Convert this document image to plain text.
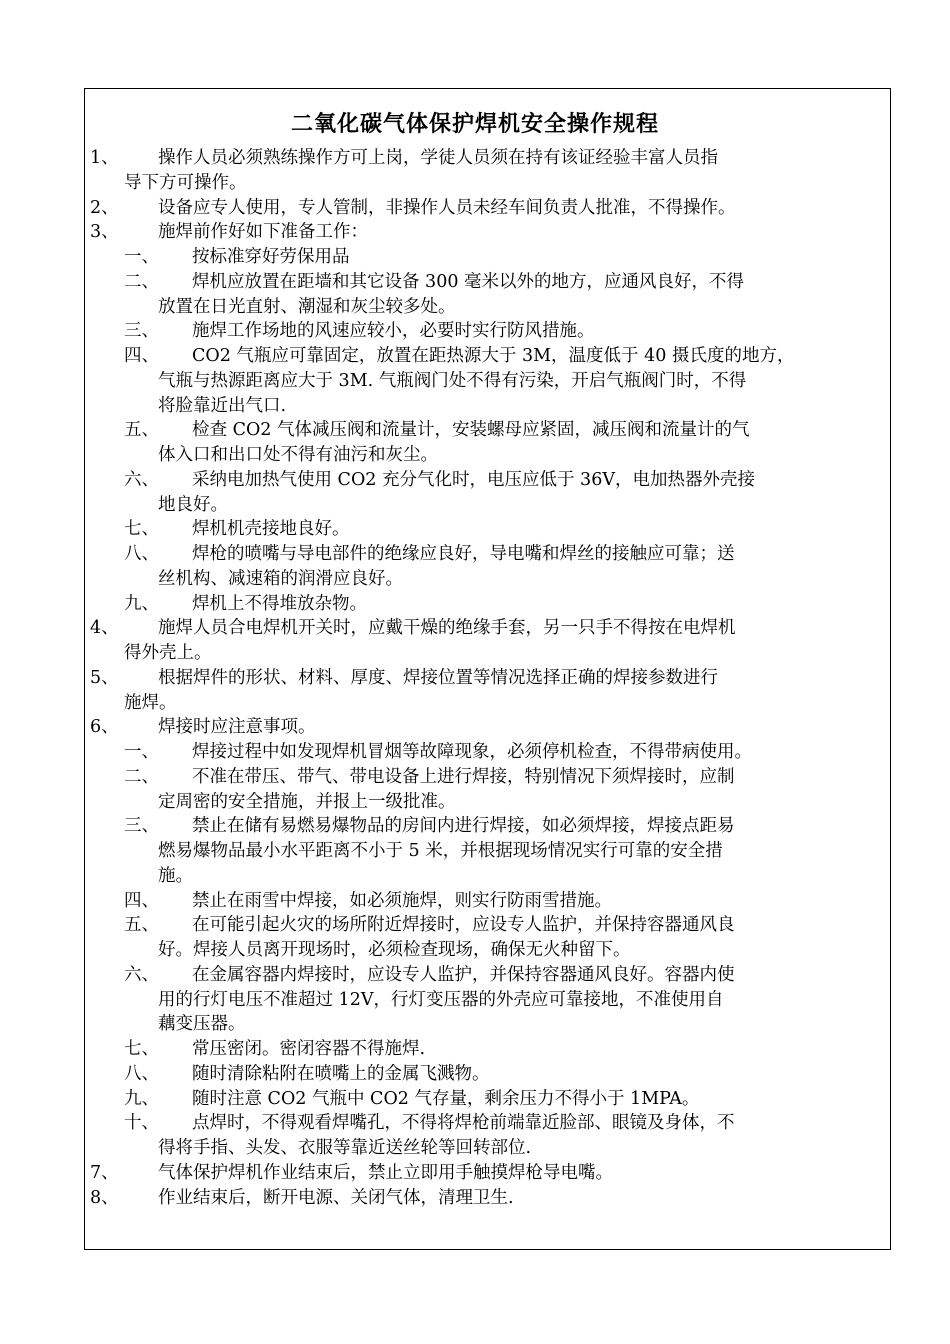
二氧化碳气体保护焊机安全操作规程
1、 操作人员必须熟练操作方可上岗，学徒人员须在持有该证经验丰富人员指
导下方可操作。
2、 设备应专人使用，专人管制，非操作人员未经车间负责人批准，不得操作。
3、 施焊前作好如下准备工作：
一、 按标准穿好劳保用品
二、 焊机应放置在距墙和其它设备 300 毫米以外的地方，应通风良好，不得
放置在日光直射、潮湿和灰尘较多处。
三、 施焊工作场地的风速应较小，必要时实行防风措施。
四、 CO2 气瓶应可靠固定，放置在距热源大于 3M，温度低于 40 摄氏度的地方，
气瓶与热源距离应大于 3M. 气瓶阀门处不得有污染，开启气瓶阀门时，不得
将脸靠近出气口.
五、 检查 CO2 气体减压阀和流量计，安装螺母应紧固，减压阀和流量计的气
体入口和出口处不得有油污和灰尘。
六、 采纳电加热气使用 CO2 充分气化时，电压应低于 36V，电加热器外壳接
地良好。
七、 焊机机壳接地良好。
八、 焊枪的喷嘴与导电部件的绝缘应良好，导电嘴和焊丝的接触应可靠；送
丝机构、减速箱的润滑应良好。
九、 焊机上不得堆放杂物。
4、 施焊人员合电焊机开关时，应戴干燥的绝缘手套，另一只手不得按在电焊机
得外壳上。
5、 根据焊件的形状、材料、厚度、焊接位置等情况选择正确的焊接参数进行
施焊。
6、 焊接时应注意事项。
一、 焊接过程中如发现焊机冒烟等故障现象，必须停机检查，不得带病使用。
二、 不准在带压、带气、带电设备上进行焊接，特别情况下须焊接时，应制
定周密的安全措施，并报上一级批准。
三、 禁止在储有易燃易爆物品的房间内进行焊接，如必须焊接，焊接点距易
燃易爆物品最小水平距离不小于 5 米，并根据现场情况实行可靠的安全措
施。
四、 禁止在雨雪中焊接，如必须施焊，则实行防雨雪措施。
五、 在可能引起火灾的场所附近焊接时，应设专人监护，并保持容器通风良
好。焊接人员离开现场时，必须检查现场，确保无火种留下。
六、 在金属容器内焊接时，应设专人监护，并保持容器通风良好。容器内使
用的行灯电压不准超过 12V，行灯变压器的外壳应可靠接地，不准使用自
藕变压器。
七、 常压密闭。密闭容器不得施焊.
八、 随时清除粘附在喷嘴上的金属飞溅物。
九、 随时注意 CO2 气瓶中 CO2 气存量，剩余压力不得小于 1MPA。
十、 点焊时，不得观看焊嘴孔，不得将焊枪前端靠近脸部、眼镜及身体，不
得将手指、头发、衣服等靠近送丝轮等回转部位.
7、 气体保护焊机作业结束后，禁止立即用手触摸焊枪导电嘴。
8、 作业结束后，断开电源、关闭气体，清理卫生.
